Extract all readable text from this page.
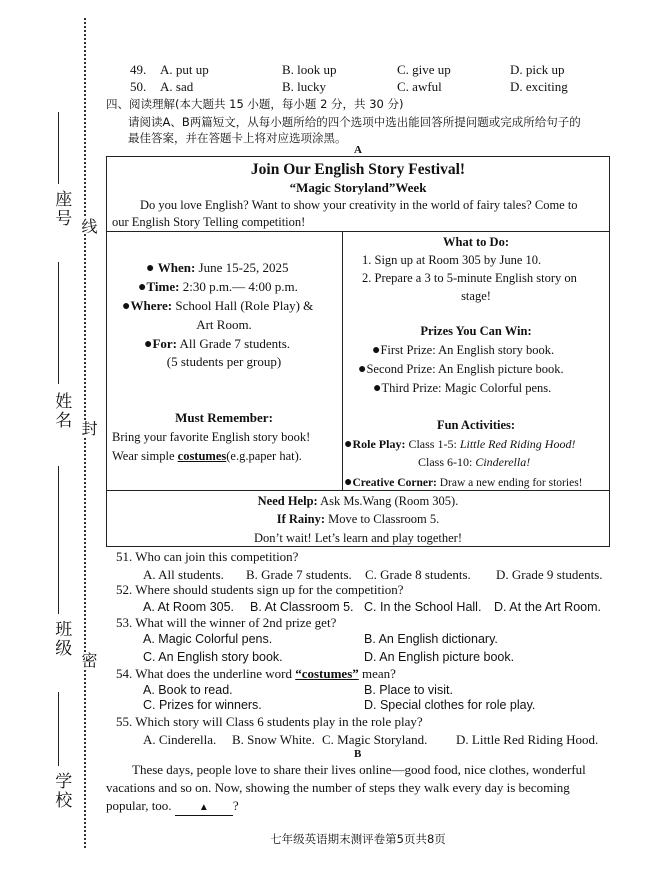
线
封
密
座号
姓名
班级
学校
49. A. put up	B. look up	C. give up	D. pick up
50. A. sad	B. lucky	C. awful	D. exciting
四、阅读理解(本大题共 15 小题，每小题 2 分，共 30 分)
请阅读A、B两篇短文，从每小题所给的四个选项中选出能回答所提问题或完成所给句子的
最佳答案，并在答题卡上将对应选项涂黑。
A
Join Our English Story Festival!
“Magic Storyland”Week
Do you love English? Want to show your creativity in the world of fairy tales? Come to
our English Story Telling competition!
● When: June 15-25, 2025
●Time: 2:30 p.m.— 4:00 p.m.
●Where: School Hall (Role Play) &
Art Room.
●For: All Grade 7 students.
(5 students per group)
Must Remember:
Bring your favorite English story book!
Wear simple costumes(e.g.paper hat).
What to Do:
1. Sign up at Room 305 by June 10.
2. Prepare a 3 to 5-minute English story on
stage!
Prizes You Can Win:
●First Prize: An English story book.
●Second Prize: An English picture book.
●Third Prize: Magic Colorful pens.
Fun Activities:
●Role Play: Class 1-5: Little Red Riding Hood!
Class 6-10: Cinderella!
●Creative Corner: Draw a new ending for stories!
Need Help: Ask Ms.Wang (Room 305).
If Rainy: Move to Classroom 5.
Don’t wait! Let’s learn and play together!
51. Who can join this competition?
A. All students. B. Grade 7 students. C. Grade 8 students. D. Grade 9 students.
52. Where should students sign up for the competition?
A. At Room 305. B. At Classroom 5. C. In the School Hall. D. At the Art Room.
53. What will the winner of 2nd prize get?
A. Magic Colorful pens.	B. An English dictionary.
C. An English story book.	D. An English picture book.
54. What does the underline word “costumes” mean?
A. Book to read.	B. Place to visit.
C. Prizes for winners.	D. Special clothes for role play.
55. Which story will Class 6 students play in the role play?
A. Cinderella. B. Snow White. C. Magic Storyland. D. Little Red Riding Hood.
B
These days, people love to share their lives online—good food, nice clothes, wonderful
vacations and so on. Now, showing the number of steps they walk every day is becoming
popular, too. ▲ ?
七年级英语期末测评卷第5页共8页
